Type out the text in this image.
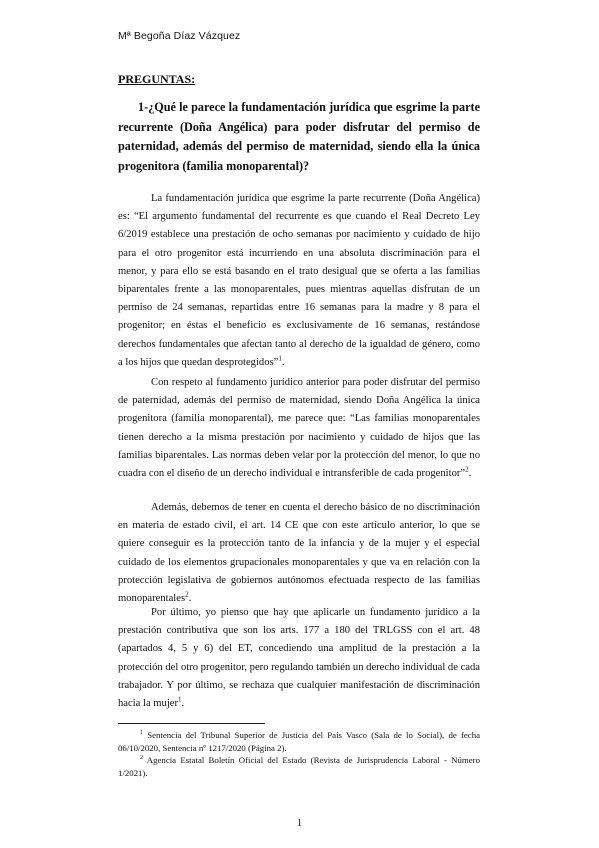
Mª Begoña Díaz Vázquez
PREGUNTAS:
1-¿Qué le parece la fundamentación jurídica que esgrime la parte recurrente (Doña Angélica) para poder disfrutar del permiso de paternidad, además del permiso de maternidad, siendo ella la única progenitora (familia monoparental)?

La fundamentación jurídica que esgrime la parte recurrente (Doña Angélica) es: “El argumento fundamental del recurrente es que cuando el Real Decreto Ley 6/2019 establece una prestación de ocho semanas por nacimiento y cuidado de hijo para el otro progenitor está incurriendo en una absoluta discriminación para el menor, y para ello se está basando en el trato desigual que se oferta a las familias biparentales frente a las monoparentales, pues mientras aquellas disfrutan de un permiso de 24 semanas, repartidas entre 16 semanas para la madre y 8 para el progenitor; en éstas el beneficio es exclusivamente de 16 semanas, restándose derechos fundamentales que afectan tanto al derecho de la igualdad de género, como a los hijos que quedan desprotegidos”$^1$.

Con respeto al fundamento jurídico anterior para poder disfrutar del permiso de paternidad, además del permiso de maternidad, siendo Doña Angélica la única progenitora (familia monoparental), me parece que: “Las familias monoparentales tienen derecho a la misma prestación por nacimiento y cuidado de hijos que las familias biparentales. Las normas deben velar por la protección del menor, lo que no cuadra con el diseño de un derecho individual e intransferible de cada progenitor”$^2$.

Además, debemos de tener en cuenta el derecho básico de no discriminación en materia de estado civil, el art. 14 CE que con este artículo anterior, lo que se quiere conseguir es la protección tanto de la infancia y de la mujer y el especial cuidado de los elementos grupacionales monoparentales y que va en relación con la protección legislativa de gobiernos autónomos efectuada respecto de las familias monoparentales$^2$.

Por último, yo pienso que hay que aplicarle un fundamento jurídico a la prestación contributiva que son los arts. 177 a 180 del TRLGSS con el art. 48 (apartados 4, 5 y 6) del ET, concediendo una amplitud de la prestación a la protección del otro progenitor, pero regulando también un derecho individual de cada trabajador. Y por último, se rechaza que cualquier manifestación de discriminación hacia la mujer$^1$.

$^1$ Sentencia del Tribunal Superior de Justicia del País Vasco (Sala de lo Social), de fecha 06/10/2020, Sentencia nº 1217/2020 (Página 2).

$^2$ Agencia Estatal Boletín Oficial del Estado (Revista de Jurisprudencia Laboral - Número 1/2021).

1
